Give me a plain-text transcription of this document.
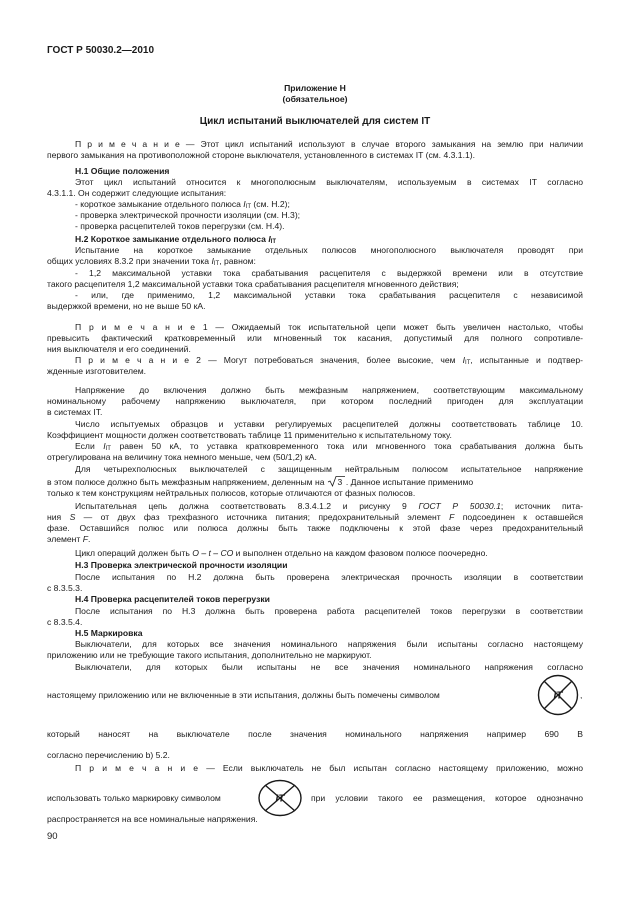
ГОСТ Р 50030.2—2010
Приложение Н
(обязательное)
Цикл испытаний выключателей для систем IT
П р и м е ч а н и е — Этот цикл испытаний используют в случае второго замыкания на землю при наличии
первого замыкания на противоположной стороне выключателя, установленного в системах IT (см. 4.3.1.1).
Н.1 Общие положения
Этот цикл испытаний относится к многополюсным выключателям, используемым в системах IT согласно
4.3.1.1. Он содержит следующие испытания:
- короткое замыкание отдельного полюса $I_{IT}$ (см. Н.2);
- проверка электрической прочности изоляции (см. Н.3);
- проверка расцепителей токов перегрузки (см. Н.4).
Н.2 Короткое замыкание отдельного полюса $I_{IT}$
Испытание на короткое замыкание отдельных полюсов многополюсного выключателя проводят при
общих условиях 8.3.2 при значении тока $I_{IT}$, равном:
- 1,2 максимальной уставки тока срабатывания расцепителя с выдержкой времени или в отсутствие
такого расцепителя 1,2 максимальной уставки тока срабатывания расцепителя мгновенного действия;
- или, где применимо, 1,2 максимальной уставки тока срабатывания расцепителя с независимой
выдержкой времени, но не выше 50 кА.
П р и м е ч а н и е 1 — Ожидаемый ток испытательной цепи может быть увеличен настолько, чтобы
превысить фактический кратковременный или мгновенный ток касания, допустимый для полного сопротивле-
ния выключателя и его соединений.
П р и м е ч а н и е 2 — Могут потребоваться значения, более высокие, чем $I_{IT}$, испытанные и подтвер-
жденные изготовителем.
Напряжение до включения должно быть межфазным напряжением, соответствующим максимальному
номинальному рабочему напряжению выключателя, при котором последний пригоден для эксплуатации
в системах IT.
Число испытуемых образцов и уставки регулируемых расцепителей должны соответствовать таблице 10.
Коэффициент мощности должен соответствовать таблице 11 применительно к испытательному току.
Если $I_{IT}$ равен 50 кА, то уставка кратковременного тока или мгновенного тока срабатывания должна быть
отрегулирована на величину тока немного меньше, чем (50/1,2) кА.
Для четырехполюсных выключателей с защищенным нейтральным полюсом испытательное напряжение
в этом полюсе должно быть межфазным напряжением, деленным на 3 . Данное испытание применимо
только к тем конструкциям нейтральных полюсов, которые отличаются от фазных полюсов.
Испытательная цепь должна соответствовать 8.3.4.1.2 и рисунку 9 ГОСТ Р 50030.1; источник питa-
ния S — от двух фаз трехфазного источника питания; предохранительный элемент F подсоединен к оставшейся
фазе. Оставшийся полюс или полюса должны быть также подключены к этой фазе через предохранительный
элемент F.
Цикл операций должен быть О – t – СО и выполнен отдельно на каждом фазовом полюсе поочередно.
Н.3 Проверка электрической прочности изоляции
После испытания по Н.2 должна быть проверена электрическая прочность изоляции в соответствии
с 8.3.5.3.
Н.4 Проверка расцепителей токов перегрузки
После испытания по Н.3 должна быть проверена работа расцепителей токов перегрузки в соответствии
с 8.3.5.4.
Н.5 Маркировка
Выключатели, для которых все значения номинального напряжения были испытаны согласно настоящему
приложению или не требующие такого испытания, дополнительно не маркируют.
Выключатели, для которых были испытаны не все значения номинального напряжения согласно
настоящему приложению или не включенные в эти испытания, должны быть помечены символом	IT ,
который наносят на выключателе после значения номинального напряжения например 690 В
согласно перечислению b) 5.2.
П р и м е ч а н и е — Если выключатель не был испытан согласно настоящему приложению, можно
использовать только маркировку символом	IT	при условии такого ее размещения, которое однозначно
распространяется на все номинальные напряжения.
90
